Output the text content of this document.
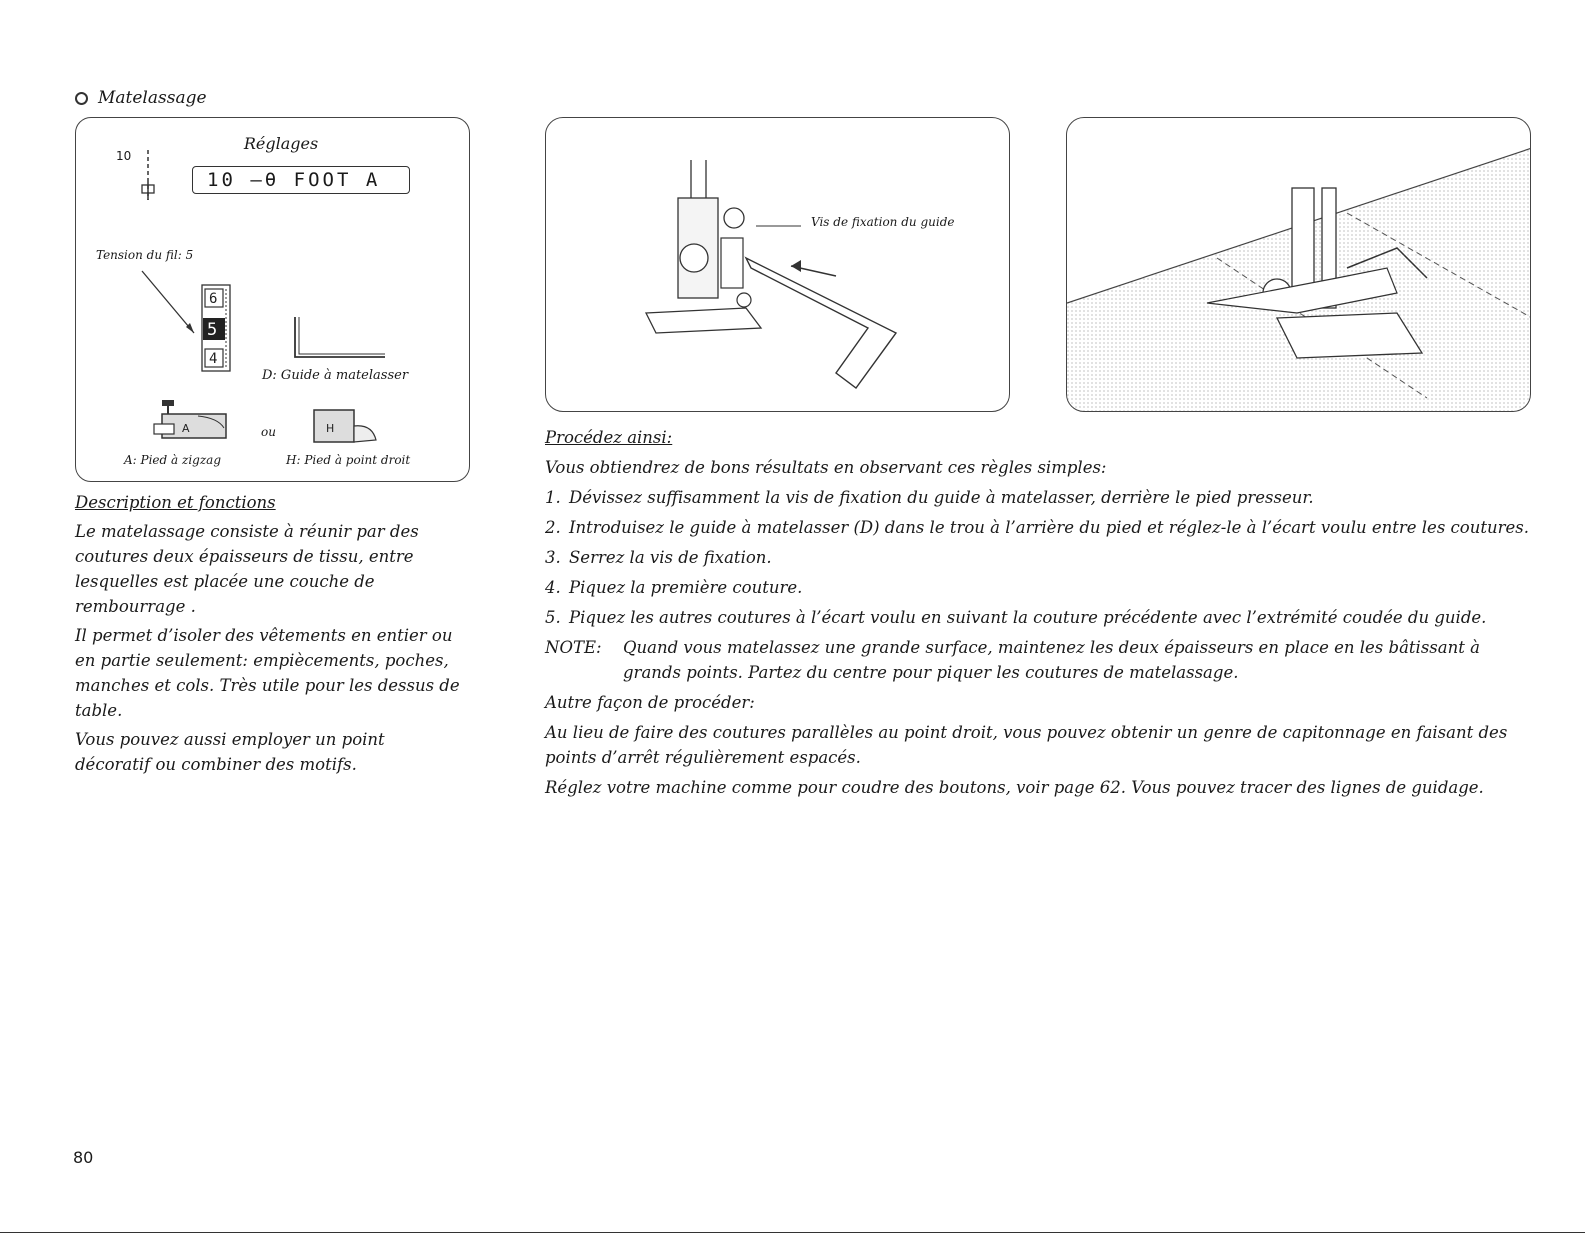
Matelassage
Réglages
10
10 —θ FOOT A
Tension du fil: 5
6
5
4
D: Guide à matelasser
A	ou	H
A: Pied à zigzag	H: Pied à point droit

Description et fonctions

Le matelassage consiste à réunir par des coutures deux épaisseurs de tissu, entre lesquelles est placée une couche de rembourrage .

Il permet d’isoler des vêtements en entier ou en partie seulement: empiècements, poches, manches et cols. Très utile pour les dessus de table.

Vous pouvez aussi employer un point décoratif ou combiner des motifs.

Vis de fixation du guide

Procédez ainsi:

Vous obtiendrez de bons résultats en observant ces règles simples:

1. Dévissez suffisamment la vis de fixation du guide à matelasser, derrière le pied presseur.

2. Introduisez le guide à matelasser (D) dans le trou à l’arrière du pied et réglez-le à l’écart voulu entre les coutures.

3. Serrez la vis de fixation.

4. Piquez la première couture.

5. Piquez les autres coutures à l’écart voulu en suivant la couture précédente avec l’extrémité coudée du guide.

NOTE:	Quand vous matelassez une grande surface, maintenez les deux épaisseurs en place en les bâtissant à grands points. Partez du centre pour piquer les coutures de matelassage.

Autre façon de procéder:

Au lieu de faire des coutures parallèles au point droit, vous pouvez obtenir un genre de capitonnage en faisant des points d’arrêt régulièrement espacés.

Réglez votre machine comme pour coudre des boutons, voir page 62. Vous pouvez tracer des lignes de guidage.

80
